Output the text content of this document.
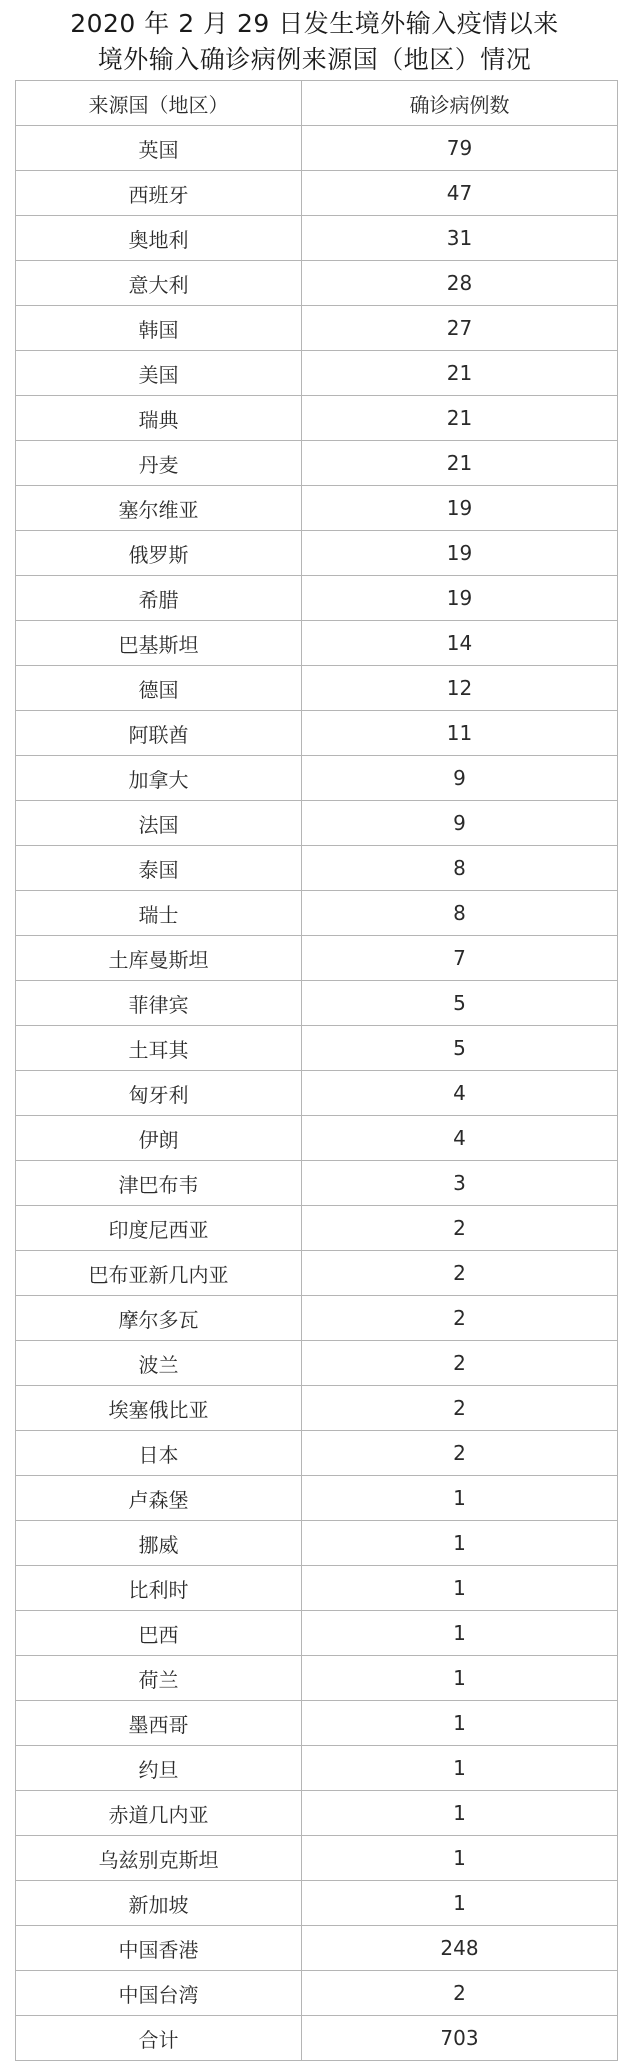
2020 年 2 月 29 日发生境外输入疫情以来
境外输入确诊病例来源国（地区）情况
来源国（地区）	确诊病例数
英国	79
西班牙	47
奥地利	31
意大利	28
韩国	27
美国	21
瑞典	21
丹麦	21
塞尔维亚	19
俄罗斯	19
希腊	19
巴基斯坦	14
德国	12
阿联酋	11
加拿大	9
法国	9
泰国	8
瑞士	8
土库曼斯坦	7
菲律宾	5
土耳其	5
匈牙利	4
伊朗	4
津巴布韦	3
印度尼西亚	2
巴布亚新几内亚	2
摩尔多瓦	2
波兰	2
埃塞俄比亚	2
日本	2
卢森堡	1
挪威	1
比利时	1
巴西	1
荷兰	1
墨西哥	1
约旦	1
赤道几内亚	1
乌兹别克斯坦	1
新加坡	1
中国香港	248
中国台湾	2
合计	703
